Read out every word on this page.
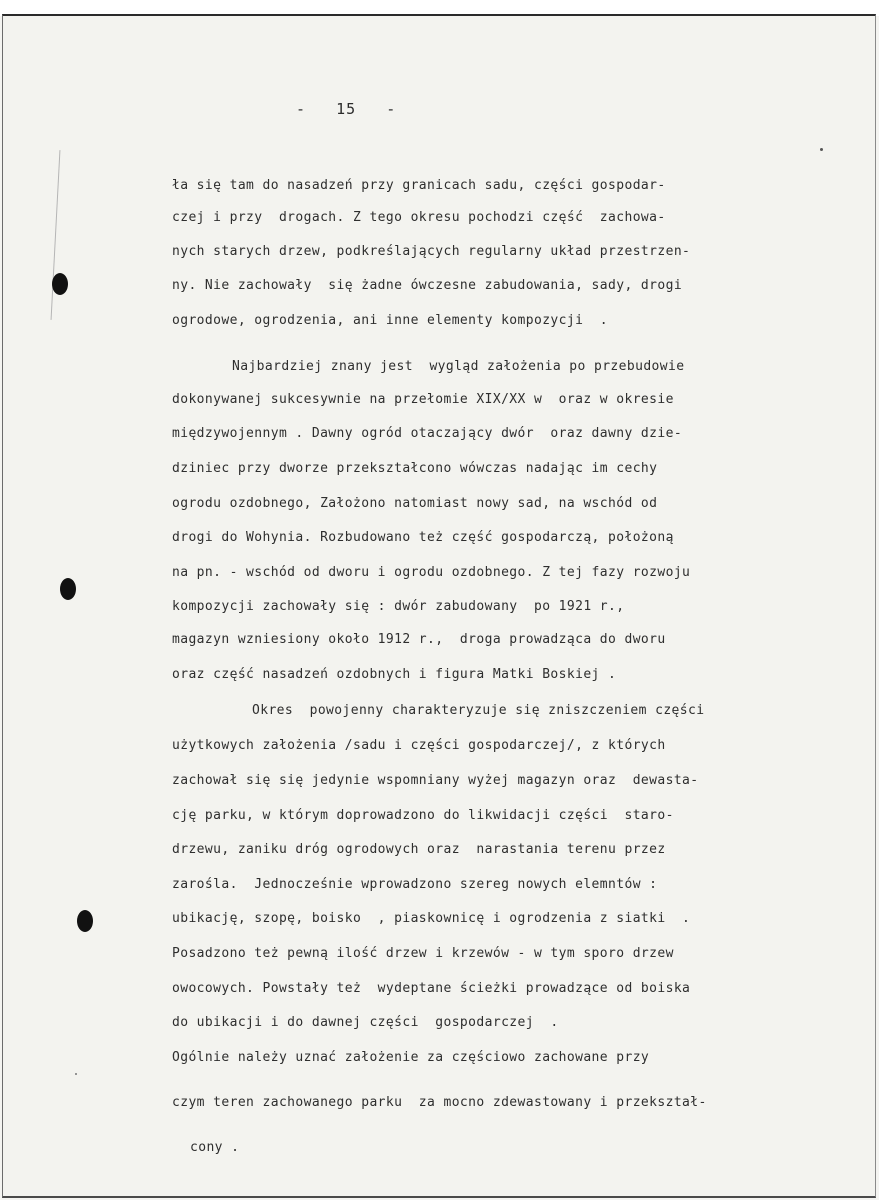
-   15   -
ła się tam do nasadzeń przy granicach sadu, części gospodar-
czej i przy  drogach. Z tego okresu pochodzi część  zachowa-
nych starych drzew, podkreślających regularny układ przestrzen-
ny. Nie zachowały  się żadne ówczesne zabudowania, sady, drogi
ogrodowe, ogrodzenia, ani inne elementy kompozycji  .
Najbardziej znany jest  wygląd założenia po przebudowie
dokonywanej sukcesywnie na przełomie XIX/XX w  oraz w okresie
międzywojennym . Dawny ogród otaczający dwór  oraz dawny dzie-
dziniec przy dworze przekształcono wówczas nadając im cechy
ogrodu ozdobnego, Założono natomiast nowy sad, na wschód od
drogi do Wohynia. Rozbudowano też część gospodarczą, położoną
na pn. - wschód od dworu i ogrodu ozdobnego. Z tej fazy rozwoju
kompozycji zachowały się : dwór zabudowany  po 1921 r.,
magazyn wzniesiony około 1912 r.,  droga prowadząca do dworu
oraz część nasadzeń ozdobnych i figura Matki Boskiej .
Okres  powojenny charakteryzuje się zniszczeniem części
użytkowych założenia /sadu i części gospodarczej/, z których
zachował się się jedynie wspomniany wyżej magazyn oraz  dewasta-
cję parku, w którym doprowadzono do likwidacji części  staro-
drzewu, zaniku dróg ogrodowych oraz  narastania terenu przez
zarośla.  Jednocześnie wprowadzono szereg nowych elemntów :
ubikację, szopę, boisko  , piaskownicę i ogrodzenia z siatki  .
Posadzono też pewną ilość drzew i krzewów - w tym sporo drzew
owocowych. Powstały też  wydeptane ścieżki prowadzące od boiska
do ubikacji i do dawnej części  gospodarczej  .
Ogólnie należy uznać założenie za częściowo zachowane przy
czym teren zachowanego parku  za mocno zdewastowany i przekształ-
cony .
